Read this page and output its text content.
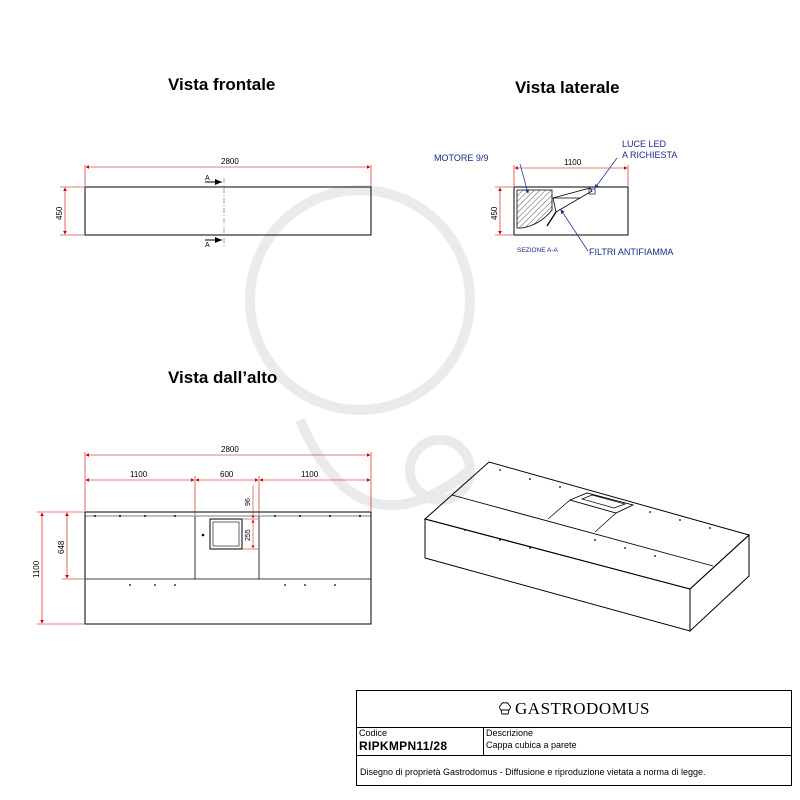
Vista frontale	Vista laterale
Vista dall’alto
A
A
2800
450
1100
450
MOTORE 9/9
LUCE LED
A RICHIESTA
FILTRI ANTIFIAMMA
SEZIONE A-A
2800
1100	600	1100
1100
648
96
255
GASTRODOMUS
Codice
RIPKMPN11/28
Descrizione
Cappa cubica a parete
Disegno di proprietà Gastrodomus - Diffusione e riproduzione vietata a norma di legge.
